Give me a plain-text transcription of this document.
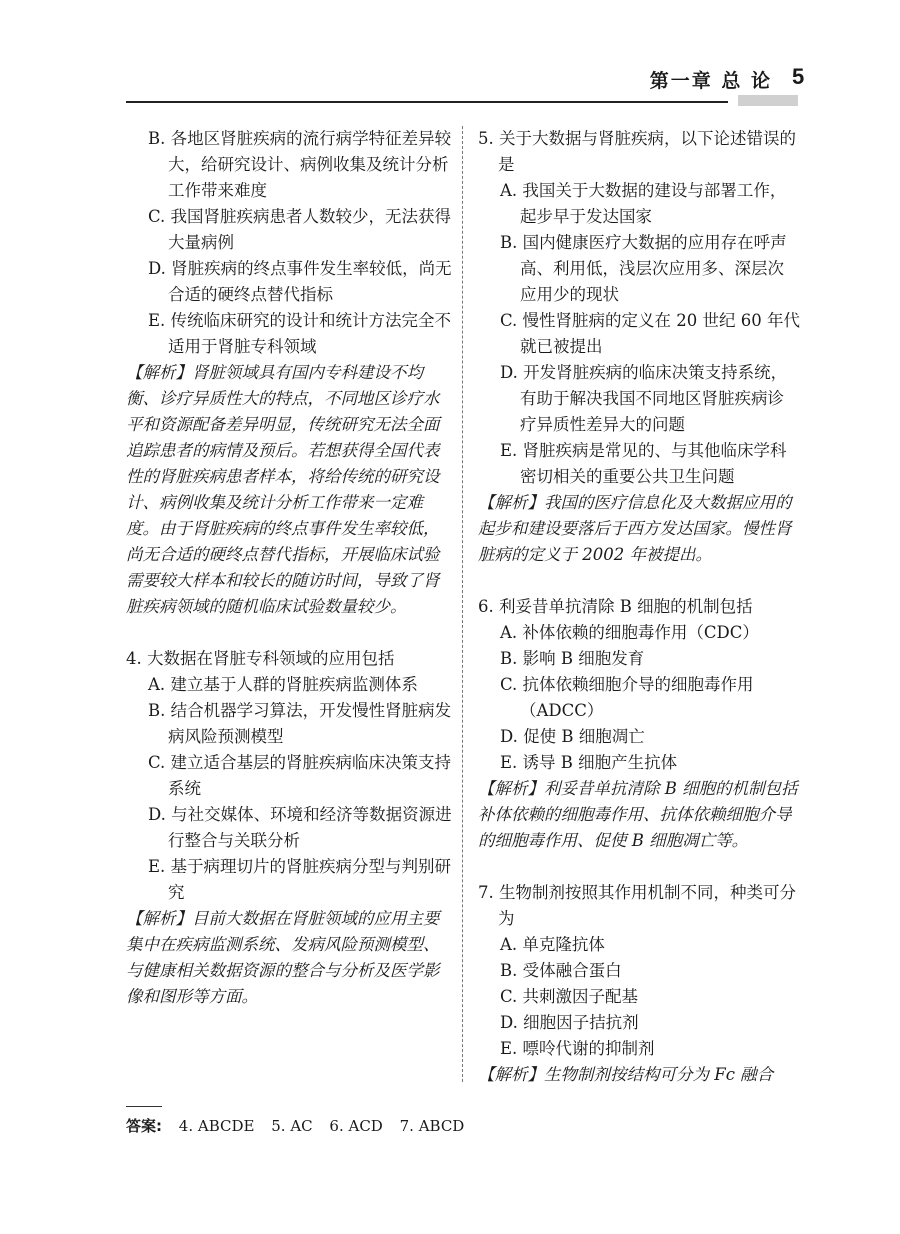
第一章 总 论 5

B. 各地区肾脏疾病的流行病学特征差异较大，给研究设计、病例收集及统计分析工作带来难度

C. 我国肾脏疾病患者人数较少，无法获得大量病例

D. 肾脏疾病的终点事件发生率较低，尚无合适的硬终点替代指标

E. 传统临床研究的设计和统计方法完全不适用于肾脏专科领域

【解析】肾脏领域具有国内专科建设不均衡、诊疗异质性大的特点，不同地区诊疗水平和资源配备差异明显，传统研究无法全面追踪患者的病情及预后。若想获得全国代表性的肾脏疾病患者样本，将给传统的研究设计、病例收集及统计分析工作带来一定难度。由于肾脏疾病的终点事件发生率较低，尚无合适的硬终点替代指标，开展临床试验需要较大样本和较长的随访时间，导致了肾脏疾病领域的随机临床试验数量较少。

4. 大数据在肾脏专科领域的应用包括

A. 建立基于人群的肾脏疾病监测体系

B. 结合机器学习算法，开发慢性肾脏病发病风险预测模型

C. 建立适合基层的肾脏疾病临床决策支持系统

D. 与社交媒体、环境和经济等数据资源进行整合与关联分析

E. 基于病理切片的肾脏疾病分型与判别研究

【解析】目前大数据在肾脏领域的应用主要集中在疾病监测系统、发病风险预测模型、与健康相关数据资源的整合与分析及医学影像和图形等方面。

5. 关于大数据与肾脏疾病，以下论述错误的是

A. 我国关于大数据的建设与部署工作，起步早于发达国家

B. 国内健康医疗大数据的应用存在呼声高、利用低，浅层次应用多、深层次应用少的现状

C. 慢性肾脏病的定义在 20 世纪 60 年代就已被提出

D. 开发肾脏疾病的临床决策支持系统，有助于解决我国不同地区肾脏疾病诊疗异质性差异大的问题

E. 肾脏疾病是常见的、与其他临床学科密切相关的重要公共卫生问题

【解析】我国的医疗信息化及大数据应用的起步和建设要落后于西方发达国家。慢性肾脏病的定义于 2002 年被提出。

6. 利妥昔单抗清除 B 细胞的机制包括

A. 补体依赖的细胞毒作用（CDC）

B. 影响 B 细胞发育

C. 抗体依赖细胞介导的细胞毒作用（ADCC）

D. 促使 B 细胞凋亡

E. 诱导 B 细胞产生抗体

【解析】利妥昔单抗清除 B 细胞的机制包括补体依赖的细胞毒作用、抗体依赖细胞介导的细胞毒作用、促使 B 细胞凋亡等。

7. 生物制剂按照其作用机制不同，种类可分为

A. 单克隆抗体

B. 受体融合蛋白

C. 共刺激因子配基

D. 细胞因子拮抗剂

E. 嘌呤代谢的抑制剂

【解析】生物制剂按结构可分为 Fc 融合

答案: 4. ABCDE 5. AC 6. ACD 7. ABCD
